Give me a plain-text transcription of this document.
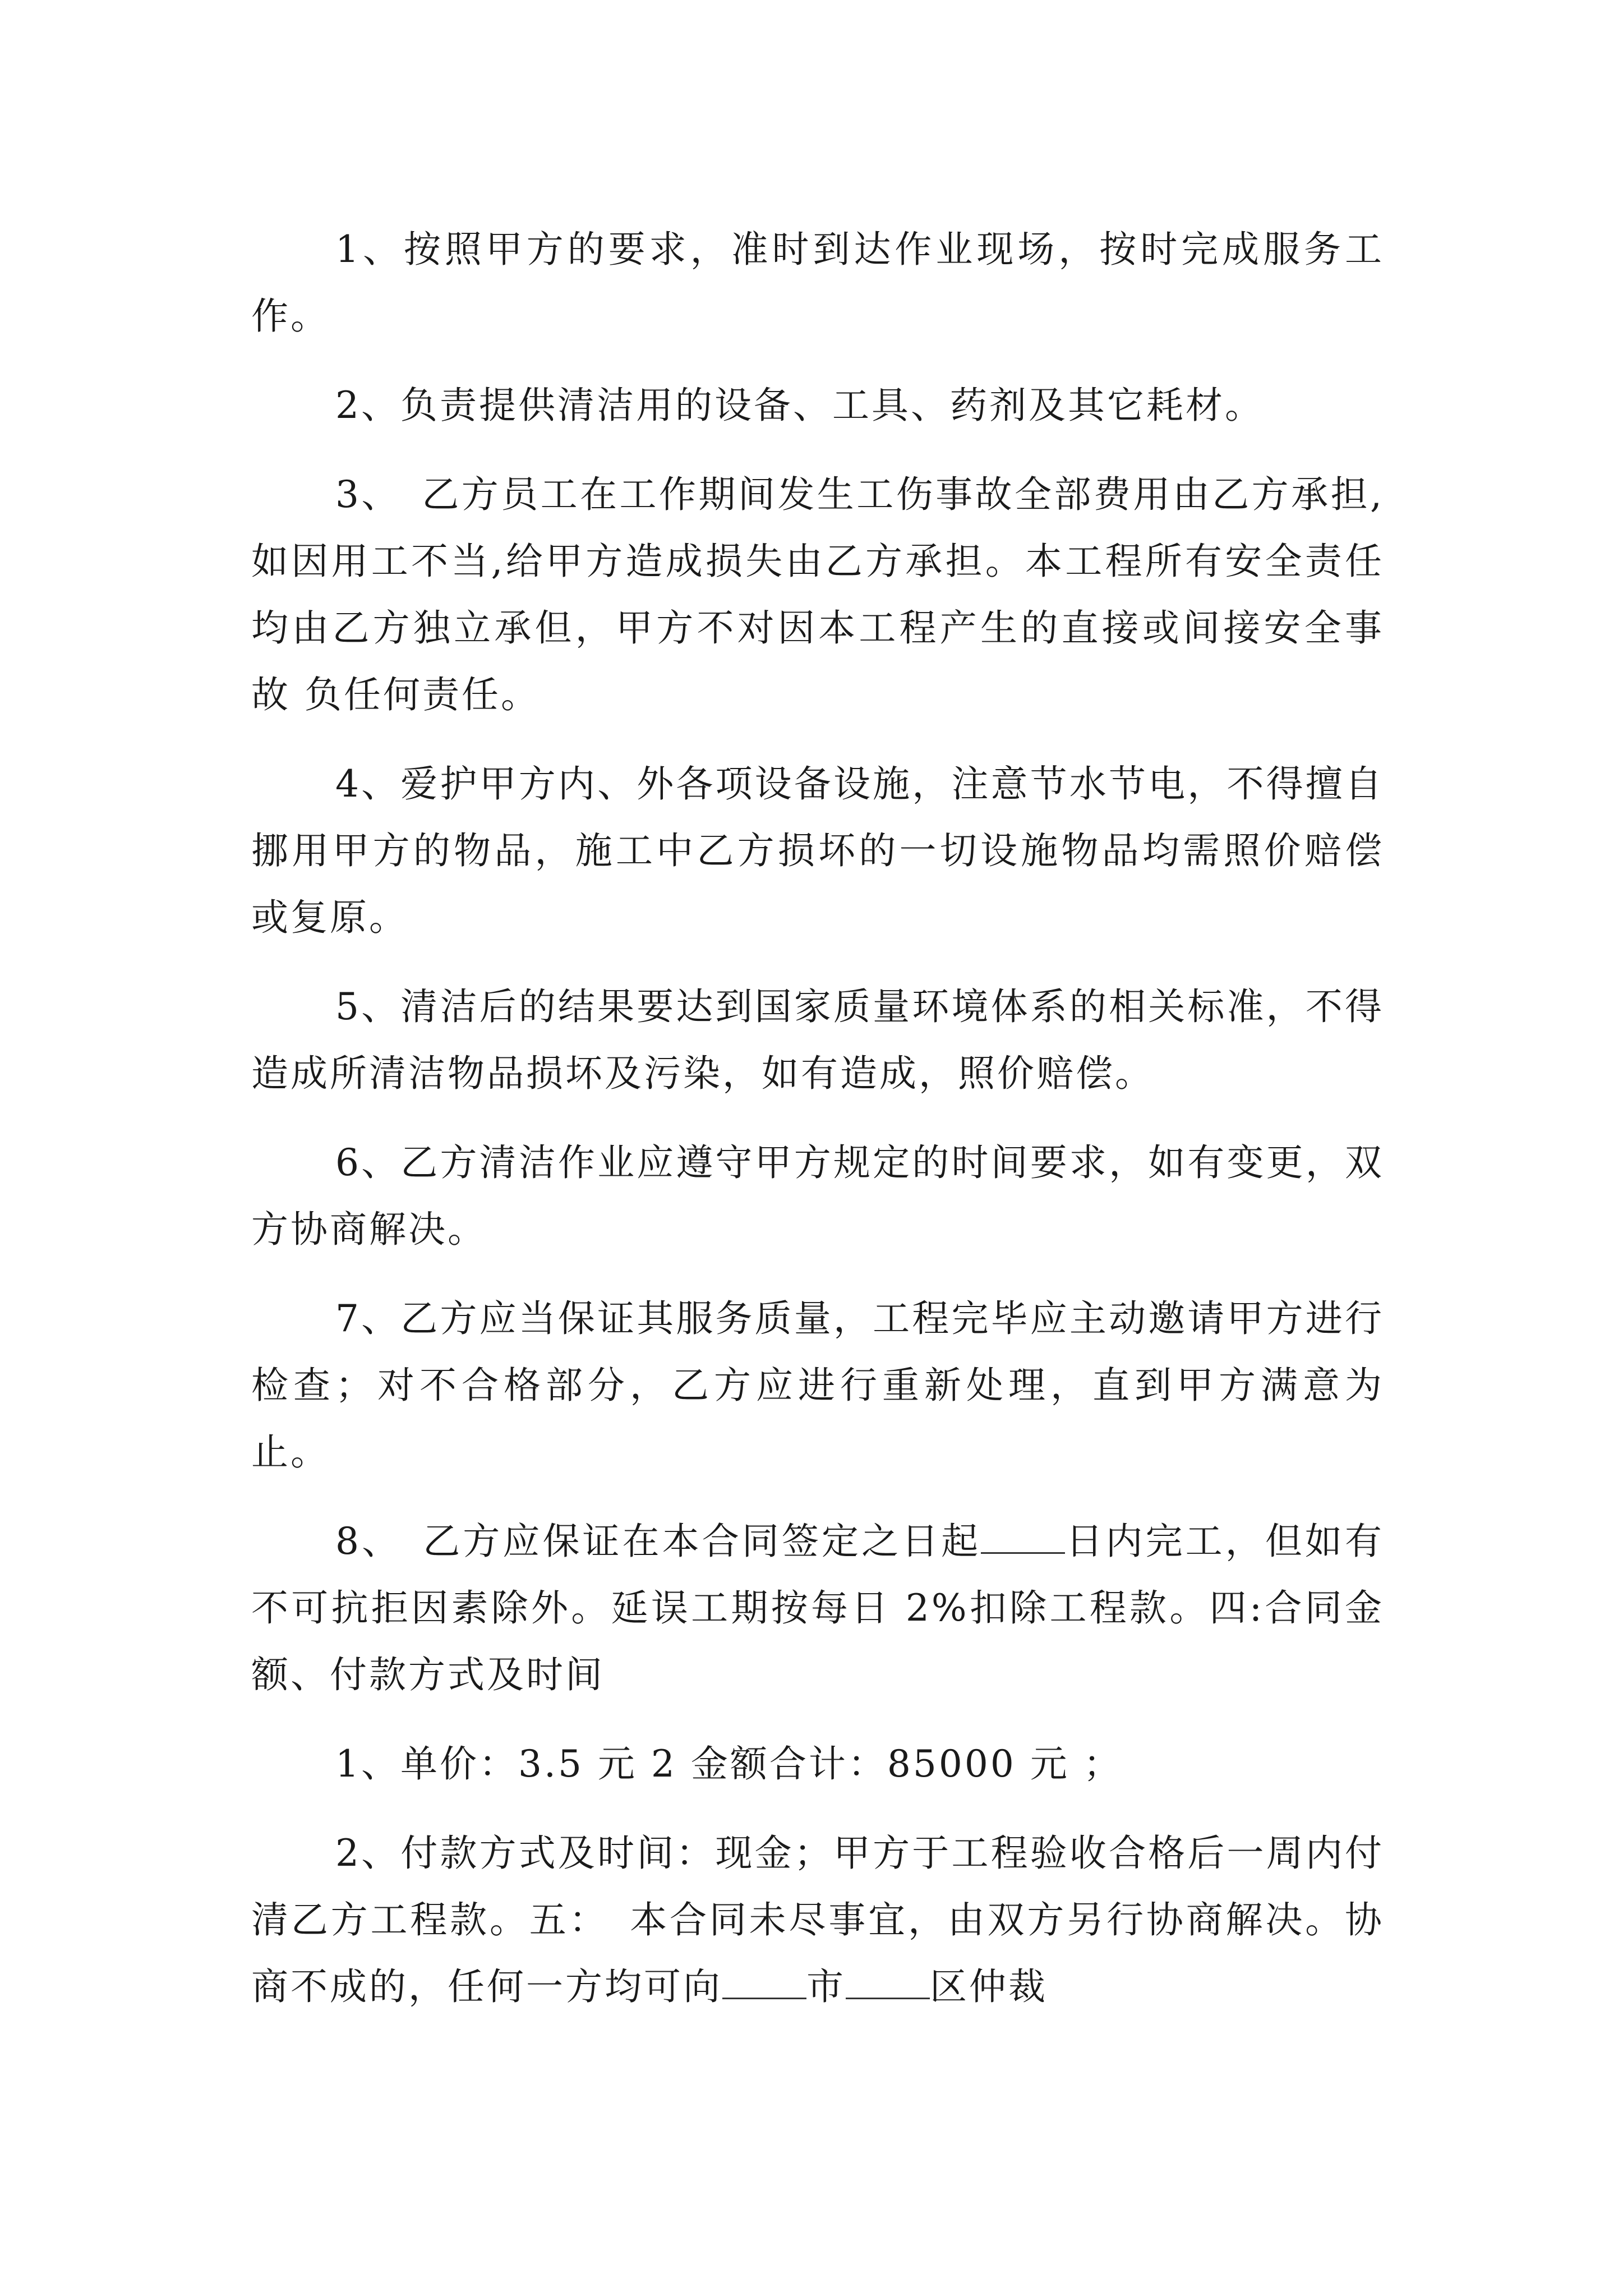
1、按照甲方的要求，准时到达作业现场，按时完成服务工作。

2、负责提供清洁用的设备、工具、药剂及其它耗材。

3、　乙方员工在工作期间发生工伤事故全部费用由乙方承担,如因用工不当,给甲方造成损失由乙方承担。本工程所有安全责任均由乙方独立承但，甲方不对因本工程产生的直接或间接安全事故 负任何责任。

4、爱护甲方内、外各项设备设施，注意节水节电，不得擅自挪用甲方的物品，施工中乙方损坏的一切设施物品均需照价赔偿或复原。

5、清洁后的结果要达到国家质量环境体系的相关标准，不得造成所清洁物品损坏及污染，如有造成，照价赔偿。

6、乙方清洁作业应遵守甲方规定的时间要求，如有变更，双方协商解决。

7、乙方应当保证其服务质量，工程完毕应主动邀请甲方进行检查；对不合格部分，乙方应进行重新处理，直到甲方满意为止。

8、　乙方应保证在本合同签定之日起 日内完工，但如有不可抗拒因素除外。延误工期按每日 2%扣除工程款。四:合同金额、付款方式及时间

1、单价：3.5 元 2 金额合计：85000 元 ；

2、付款方式及时间：现金；甲方于工程验收合格后一周内付清乙方工程款。五：　本合同未尽事宜，由双方另行协商解决。协商不成的，任何一方均可向 市 区仲裁
